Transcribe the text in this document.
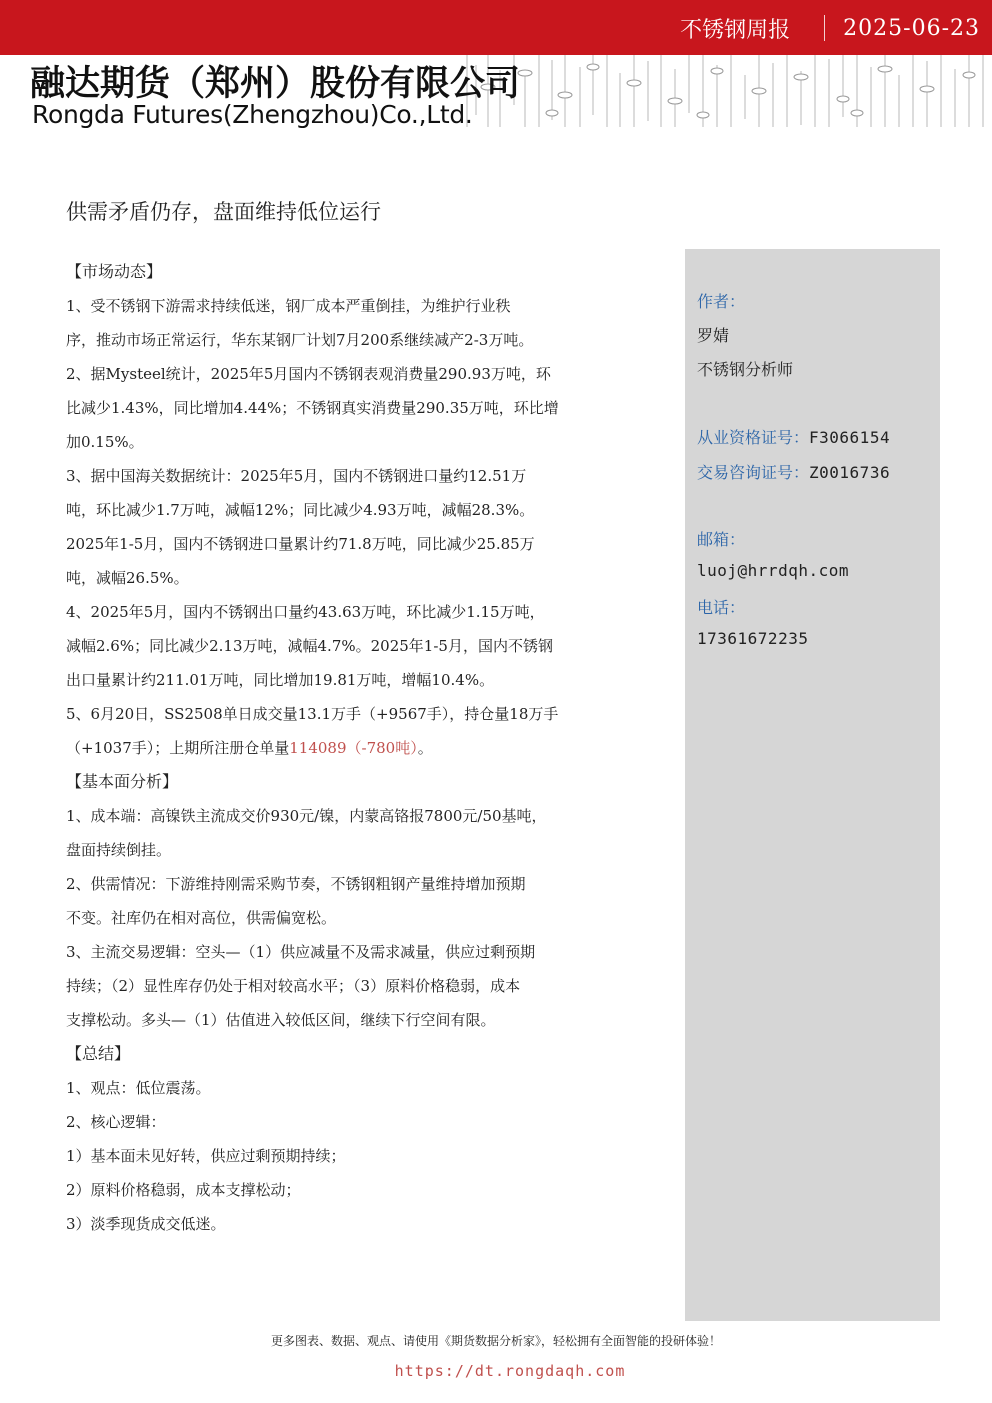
不锈钢周报 2025-06-23
融达期货（郑州）股份有限公司
Rongda Futures(Zhengzhou)Co.,Ltd.
供需矛盾仍存，盘面维持低位运行
作者：
罗婧
不锈钢分析师
从业资格证号：F3066154
交易咨询证号：Z0016736
邮箱：
luoj@hrrdqh.com
电话：
17361672235

【市场动态】

1、受不锈钢下游需求持续低迷，钢厂成本严重倒挂，为维护行业秩

序，推动市场正常运行，华东某钢厂计划7月200系继续减产2-3万吨。

2、据Mysteel统计，2025年5月国内不锈钢表观消费量290.93万吨，环

比减少1.43%，同比增加4.44%；不锈钢真实消费量290.35万吨，环比增

加0.15%。

3、据中国海关数据统计：2025年5月，国内不锈钢进口量约12.51万

吨，环比减少1.7万吨，减幅12%；同比减少4.93万吨，减幅28.3%。

2025年1-5月，国内不锈钢进口量累计约71.8万吨，同比减少25.85万

吨，减幅26.5%。

4、2025年5月，国内不锈钢出口量约43.63万吨，环比减少1.15万吨，

减幅2.6%；同比减少2.13万吨，减幅4.7%。2025年1-5月，国内不锈钢

出口量累计约211.01万吨，同比增加19.81万吨，增幅10.4%。

5、6月20日，SS2508单日成交量13.1万手（+9567手），持仓量18万手

（+1037手）；上期所注册仓单量114089（-780吨）。

【基本面分析】

1、成本端：高镍铁主流成交价930元/镍，内蒙高铬报7800元/50基吨，

盘面持续倒挂。

2、供需情况：下游维持刚需采购节奏，不锈钢粗钢产量维持增加预期

不变。社库仍在相对高位，供需偏宽松。

3、主流交易逻辑：空头—（1）供应减量不及需求减量，供应过剩预期

持续；（2）显性库存仍处于相对较高水平；（3）原料价格稳弱，成本

支撑松动。多头—（1）估值进入较低区间，继续下行空间有限。

【总结】

1、观点：低位震荡。

2、核心逻辑：

1）基本面未见好转，供应过剩预期持续；

2）原料价格稳弱，成本支撑松动；

3）淡季现货成交低迷。

更多图表、数据、观点、请使用《期货数据分析家》，轻松拥有全面智能的投研体验！
https://dt.rongdaqh.com
